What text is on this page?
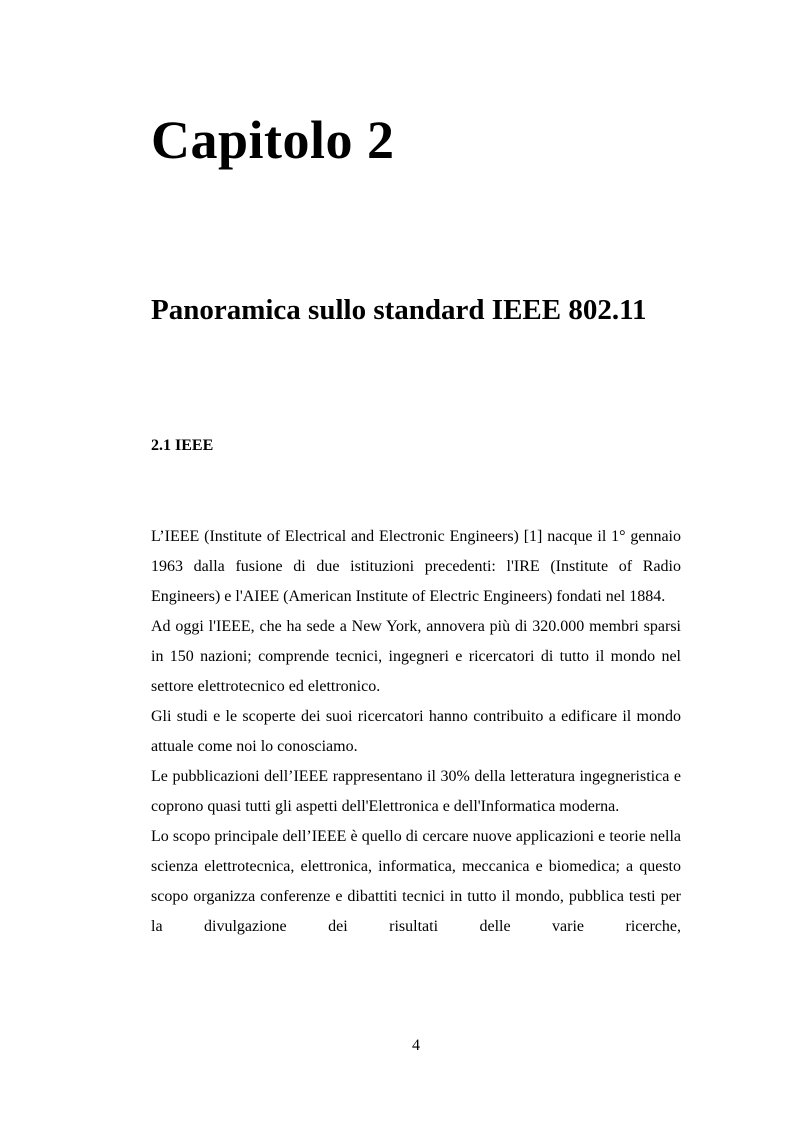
Capitolo 2
Panoramica sullo standard IEEE 802.11
2.1 IEEE

L’IEEE (Institute of Electrical and Electronic Engineers) [1] nacque il 1° gennaio 1963 dalla fusione di due istituzioni precedenti: l'IRE (Institute of Radio Engineers) e l'AIEE (American Institute of Electric Engineers) fondati nel 1884.

Ad oggi l'IEEE, che ha sede a New York, annovera più di 320.000 membri sparsi in 150 nazioni; comprende tecnici, ingegneri e ricercatori di tutto il mondo nel settore elettrotecnico ed elettronico.

Gli studi e le scoperte dei suoi ricercatori hanno contribuito a edificare il mondo attuale come noi lo conosciamo.

Le pubblicazioni dell’IEEE rappresentano il 30% della letteratura ingegneristica e coprono quasi tutti gli aspetti dell'Elettronica e dell'Informatica moderna.

Lo scopo principale dell’IEEE è quello di cercare nuove applicazioni e teorie nella scienza elettrotecnica, elettronica, informatica, meccanica e biomedica; a questo scopo organizza conferenze e dibattiti tecnici in tutto il mondo, pubblica testi per la divulgazione dei risultati delle varie ricerche,

4
